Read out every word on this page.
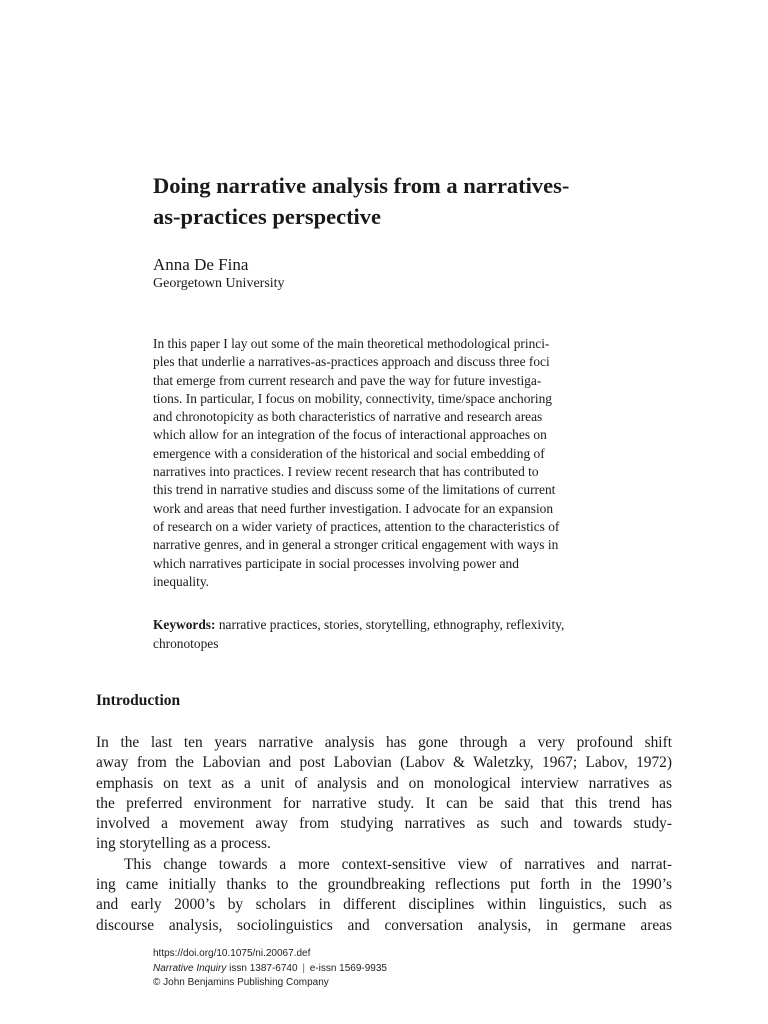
Doing narrative analysis from a narratives-
as-practices perspective

Anna De Fina

Georgetown University

In this paper I lay out some of the main theoretical methodological princi-
ples that underlie a narratives-as-practices approach and discuss three foci
that emerge from current research and pave the way for future investiga-
tions. In particular, I focus on mobility, connectivity, time/space anchoring
and chronotopicity as both characteristics of narrative and research areas
which allow for an integration of the focus of interactional approaches on
emergence with a consideration of the historical and social embedding of
narratives into practices. I review recent research that has contributed to
this trend in narrative studies and discuss some of the limitations of current
work and areas that need further investigation. I advocate for an expansion
of research on a wider variety of practices, attention to the characteristics of
narrative genres, and in general a stronger critical engagement with ways in
which narratives participate in social processes involving power and
inequality.

Keywords: narrative practices, stories, storytelling, ethnography, reflexivity,
chronotopes

Introduction

In the last ten years narrative analysis has gone through a very profound shift
away from the Labovian and post Labovian (Labov & Waletzky, 1967; Labov, 1972)
emphasis on text as a unit of analysis and on monological interview narratives as
the preferred environment for narrative study. It can be said that this trend has
involved a movement away from studying narratives as such and towards study-
ing storytelling as a process.
This change towards a more context-sensitive view of narratives and narrat-
ing came initially thanks to the groundbreaking reflections put forth in the 1990’s
and early 2000’s by scholars in different disciplines within linguistics, such as
discourse analysis, sociolinguistics and conversation analysis, in germane areas

https://doi.org/10.1075/ni.20067.def
Narrative Inquiry issn 1387-6740 | e-issn 1569-9935
© John Benjamins Publishing Company
